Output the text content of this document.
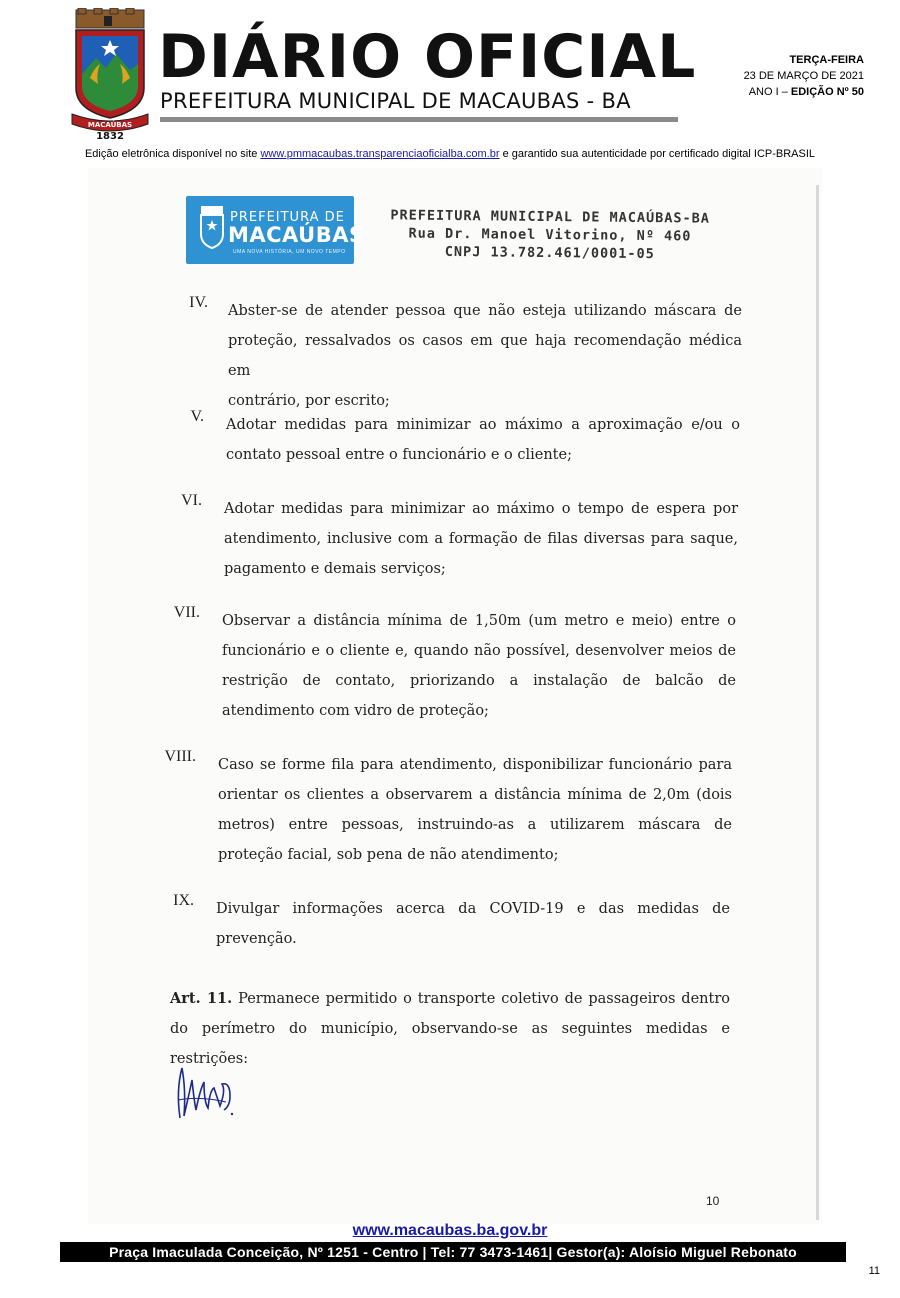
MACAÚBAS
1832
DIÁRIO OFICIAL
PREFEITURA MUNICIPAL DE MACAUBAS - BA
TERÇA-FEIRA
23 DE MARÇO DE 2021
ANO I – EDIÇÃO Nº 50
Edição eletrônica disponível no site www.pmmacaubas.transparenciaoficialba.com.br e garantido sua autenticidade por certificado digital ICP-BRASIL
PREFEITURA DE
MACAÚBAS
UMA NOVA HISTÓRIA, UM NOVO TEMPO
PREFEITURA MUNICIPAL DE MACAÚBAS-BA
Rua Dr. Manoel Vitorino, Nº 460
CNPJ 13.782.461/0001-05
IV. Abster-se de atender pessoa que não esteja utilizando máscara de
proteção, ressalvados os casos em que haja recomendação médica em
contrário, por escrito;
V. Adotar medidas para minimizar ao máximo a aproximação e/ou o
contato pessoal entre o funcionário e o cliente;
VI. Adotar medidas para minimizar ao máximo o tempo de espera por
atendimento, inclusive com a formação de filas diversas para saque,
pagamento e demais serviços;
VII. Observar a distância mínima de 1,50m (um metro e meio) entre o
funcionário e o cliente e, quando não possível, desenvolver meios de
restrição de contato, priorizando a instalação de balcão de
atendimento com vidro de proteção;
VIII. Caso se forme fila para atendimento, disponibilizar funcionário para
orientar os clientes a observarem a distância mínima de 2,0m (dois
metros) entre pessoas, instruindo-as a utilizarem máscara de
proteção facial, sob pena de não atendimento;
IX. Divulgar informações acerca da COVID-19 e das medidas de
prevenção.
Art. 11. Permanece permitido o transporte coletivo de passageiros dentro do perímetro do município, observando-se as seguintes medidas e restrições:
10
www.macaubas.ba.gov.br
Praça Imaculada Conceição, Nº 1251 - Centro | Tel: 77 3473-1461| Gestor(a): Aloísio Miguel Rebonato
11
